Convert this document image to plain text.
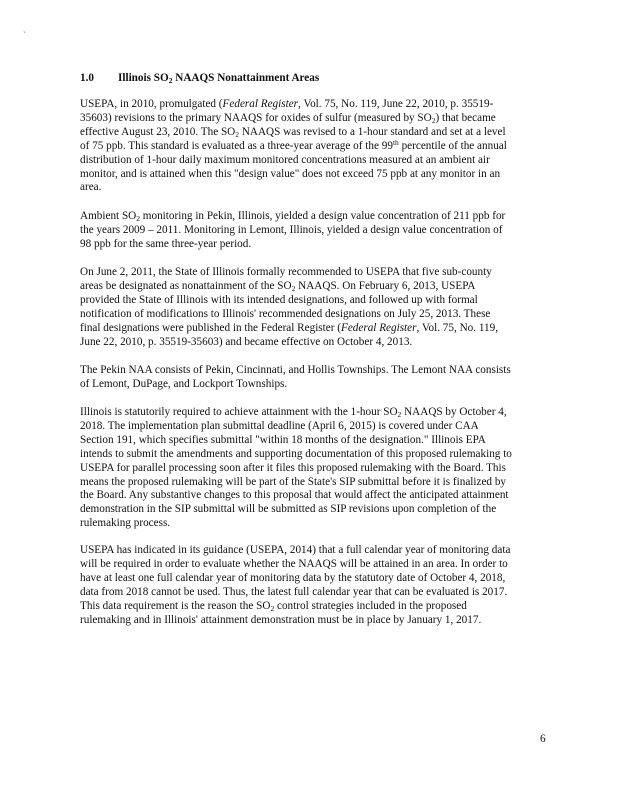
`
1.0 Illinois $SO_2$ NAAQS Nonattainment Areas

USEPA, in 2010, promulgated (Federal Register, Vol. 75, No. 119, June 22, 2010, p. 35519-

35603) revisions to the primary NAAQS for oxides of sulfur (measured by $SO_2$) that became

effective August 23, 2010. The $SO_2$ NAAQS was revised to a 1-hour standard and set at a level

of 75 ppb. This standard is evaluated as a three-year average of the 99th percentile of the annual

distribution of 1-hour daily maximum monitored concentrations measured at an ambient air

monitor, and is attained when this "design value" does not exceed 75 ppb at any monitor in an

area.

Ambient $SO_2$ monitoring in Pekin, Illinois, yielded a design value concentration of 211 ppb for

the years 2009 – 2011. Monitoring in Lemont, Illinois, yielded a design value concentration of

98 ppb for the same three-year period.

On June 2, 2011, the State of Illinois formally recommended to USEPA that five sub-county

areas be designated as nonattainment of the $SO_2$ NAAQS. On February 6, 2013, USEPA

provided the State of Illinois with its intended designations, and followed up with formal

notification of modifications to Illinois' recommended designations on July 25, 2013. These

final designations were published in the Federal Register (Federal Register, Vol. 75, No. 119,

June 22, 2010, p. 35519-35603) and became effective on October 4, 2013.

The Pekin NAA consists of Pekin, Cincinnati, and Hollis Townships. The Lemont NAA consists

of Lemont, DuPage, and Lockport Townships.

Illinois is statutorily required to achieve attainment with the 1-hour $SO_2$ NAAQS by October 4,

2018. The implementation plan submittal deadline (April 6, 2015) is covered under CAA

Section 191, which specifies submittal "within 18 months of the designation." Illinois EPA

intends to submit the amendments and supporting documentation of this proposed rulemaking to

USEPA for parallel processing soon after it files this proposed rulemaking with the Board. This

means the proposed rulemaking will be part of the State's SIP submittal before it is finalized by

the Board. Any substantive changes to this proposal that would affect the anticipated attainment

demonstration in the SIP submittal will be submitted as SIP revisions upon completion of the

rulemaking process.

USEPA has indicated in its guidance (USEPA, 2014) that a full calendar year of monitoring data

will be required in order to evaluate whether the NAAQS will be attained in an area. In order to

have at least one full calendar year of monitoring data by the statutory date of October 4, 2018,

data from 2018 cannot be used. Thus, the latest full calendar year that can be evaluated is 2017.

This data requirement is the reason the $SO_2$ control strategies included in the proposed

rulemaking and in Illinois' attainment demonstration must be in place by January 1, 2017.

6
